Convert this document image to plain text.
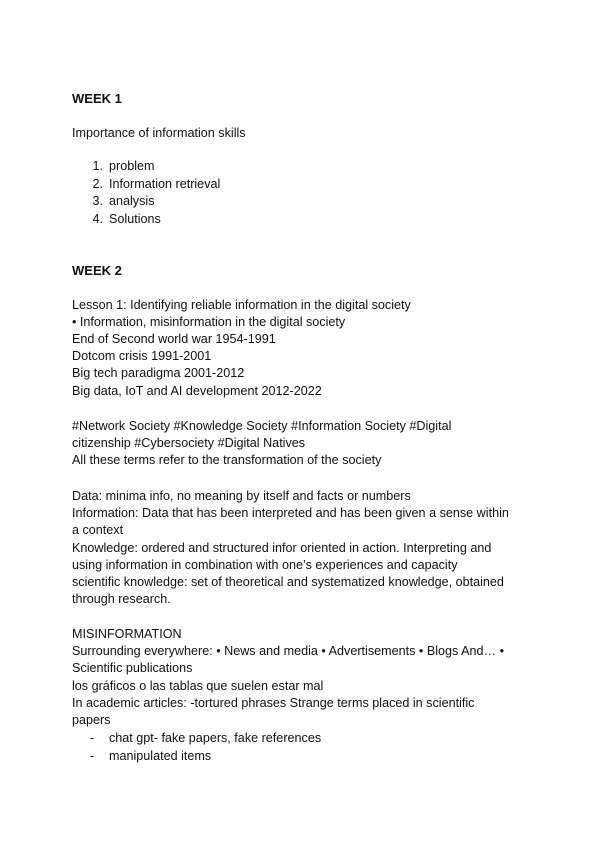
WEEK 1
Importance of information skills
1. problem
2. Information retrieval
3. analysis
4. Solutions
WEEK 2
Lesson 1: Identifying reliable information in the digital society
• Information, misinformation in the digital society
End of Second world war 1954-1991
Dotcom crisis 1991-2001
Big tech paradigma 2001-2012
Big data, IoT and AI development 2012-2022
#Network Society #Knowledge Society #Information Society #Digital
citizenship #Cybersociety #Digital Natives
All these terms refer to the transformation of the society
Data: minima info, no meaning by itself and facts or numbers
Information: Data that has been interpreted and has been given a sense within
a context
Knowledge: ordered and structured infor oriented in action. Interpreting and
using information in combination with one’s experiences and capacity
scientific knowledge: set of theoretical and systematized knowledge, obtained
through research.
MISINFORMATION
Surrounding everywhere: • News and media • Advertisements • Blogs And… •
Scientific publications
los gráficos o las tablas que suelen estar mal
In academic articles: -tortured phrases Strange terms placed in scientific
papers
- chat gpt- fake papers, fake references
- manipulated items
